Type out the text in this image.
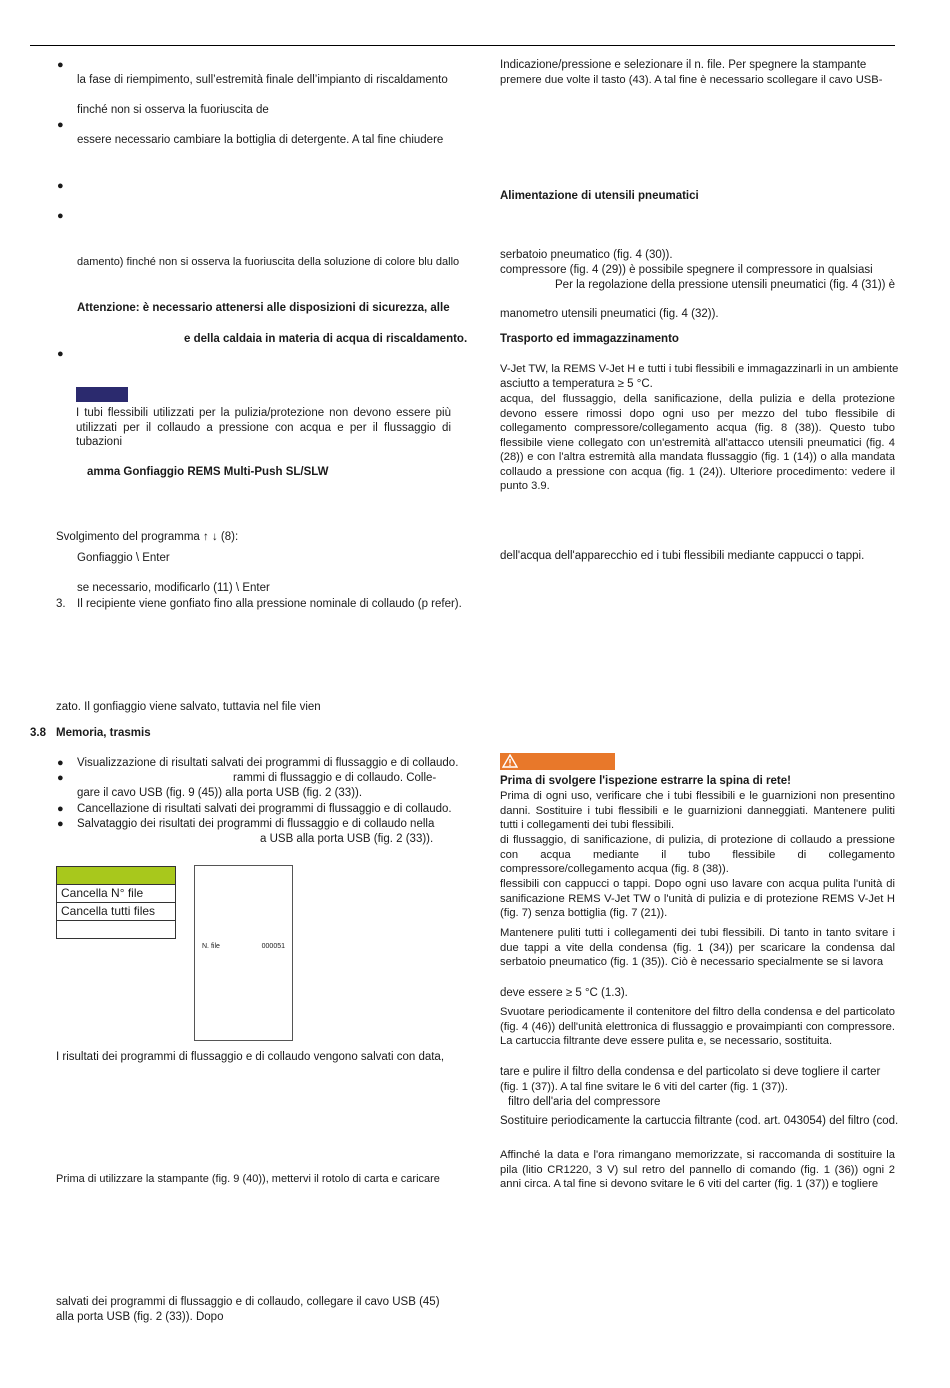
●
la fase di riempimento, sull’estremità finale dell’impianto di riscaldamento
finché non si osserva la fuoriuscita de
●
essere necessario cambiare la bottiglia di detergente. A tal fine chiudere
●
●
damento) finché non si osserva la fuoriuscita della soluzione di colore blu dallo
Attenzione: è necessario attenersi alle disposizioni di sicurezza, alle
e della caldaia in materia di acqua di riscaldamento.
●
I tubi flessibili utilizzati per la pulizia/protezione non devono essere più utilizzati per il collaudo a pressione con acqua e per il flussaggio di tubazioni
amma Gonfiaggio REMS Multi-Push SL/SLW
Svolgimento del programma ↑ ↓ (8):
Gonfiaggio \ Enter
se necessario, modificarlo (11) \ Enter
3. Il recipiente viene gonfiato fino alla pressione nominale di collaudo (p refer).
zato. Il gonfiaggio viene salvato, tuttavia nel file vien
3.8 Memoria, trasmis
● Visualizzazione di risultati salvati dei programmi di flussaggio e di collaudo.
●	rammi di flussaggio e di collaudo. Colle-
gare il cavo USB (fig. 9 (45)) alla porta USB (fig. 2 (33)).
● Cancellazione di risultati salvati dei programmi di flussaggio e di collaudo.
● Salvataggio dei risultati dei programmi di flussaggio e di collaudo nella
a USB alla porta USB (fig. 2 (33)).
Cancella N° file
Cancella tutti files
N. file	000051
I risultati dei programmi di flussaggio e di collaudo vengono salvati con data,
Prima di utilizzare la stampante (fig. 9 (40)), mettervi il rotolo di carta e caricare
salvati dei programmi di flussaggio e di collaudo, collegare il cavo USB (45)
alla porta USB (fig. 2 (33)). Dopo
Indicazione/pressione e selezionare il n. file. Per spegnere la stampante
premere due volte il tasto (43). A tal fine è necessario scollegare il cavo USB-
Alimentazione di utensili pneumatici
serbatoio pneumatico (fig. 4 (30)).
compressore (fig. 4 (29)) è possibile spegnere il compressore in qualsiasi
Per la regolazione della pressione utensili pneumatici (fig. 4 (31)) è
manometro utensili pneumatici (fig. 4 (32)).
Trasporto ed immagazzinamento
V-Jet TW, la REMS V-Jet H e tutti i tubi flessibili e immagazzinarli in un ambiente
asciutto a temperatura ≥ 5 °C.
acqua, del flussaggio, della sanificazione, della pulizia e della protezione devono essere rimossi dopo ogni uso per mezzo del tubo flessibile di collegamento compressore/collegamento acqua (fig. 8 (38)). Questo tubo flessibile viene collegato con un'estremità all'attacco utensili pneumatici (fig. 4 (28)) e con l'altra estremità alla mandata flussaggio (fig. 1 (14)) o alla mandata collaudo a pressione con acqua (fig. 1 (24)). Ulteriore procedimento: vedere il punto 3.9.
dell'acqua dell'apparecchio ed i tubi flessibili mediante cappucci o tappi.
Prima di svolgere l'ispezione estrarre la spina di rete!
Prima di ogni uso, verificare che i tubi flessibili e le guarnizioni non presentino danni. Sostituire i tubi flessibili e le guarnizioni danneggiati. Mantenere puliti tutti i collegamenti dei tubi flessibili.
di flussaggio, di sanificazione, di pulizia, di protezione di collaudo a pressione con acqua mediante il tubo flessibile di collegamento compressore/collegamento acqua (fig. 8 (38)).
flessibili con cappucci o tappi. Dopo ogni uso lavare con acqua pulita l'unità di sanificazione REMS V-Jet TW o l'unità di pulizia e di protezione REMS V-Jet H (fig. 7) senza bottiglia (fig. 7 (21)).
Mantenere puliti tutti i collegamenti dei tubi flessibili. Di tanto in tanto svitare i due tappi a vite della condensa (fig. 1 (34)) per scaricare la condensa dal serbatoio pneumatico (fig. 1 (35)). Ciò è necessario specialmente se si lavora
deve essere ≥ 5 °C (1.3).
Svuotare periodicamente il contenitore del filtro della condensa e del particolato (fig. 4 (46)) dell'unità elettronica di flussaggio e provaimpianti con compressore. La cartuccia filtrante deve essere pulita e, se necessario, sostituita.
tare e pulire il filtro della condensa e del particolato si deve togliere il carter
(fig. 1 (37)). A tal fine svitare le 6 viti del carter (fig. 1 (37)).
filtro dell'aria del compressore
Sostituire periodicamente la cartuccia filtrante (cod. art. 043054) del filtro (cod.
Affinché la data e l'ora rimangano memorizzate, si raccomanda di sostituire la pila (litio CR1220, 3 V) sul retro del pannello di comando (fig. 1 (36)) ogni 2 anni circa. A tal fine si devono svitare le 6 viti del carter (fig. 1 (37)) e togliere
